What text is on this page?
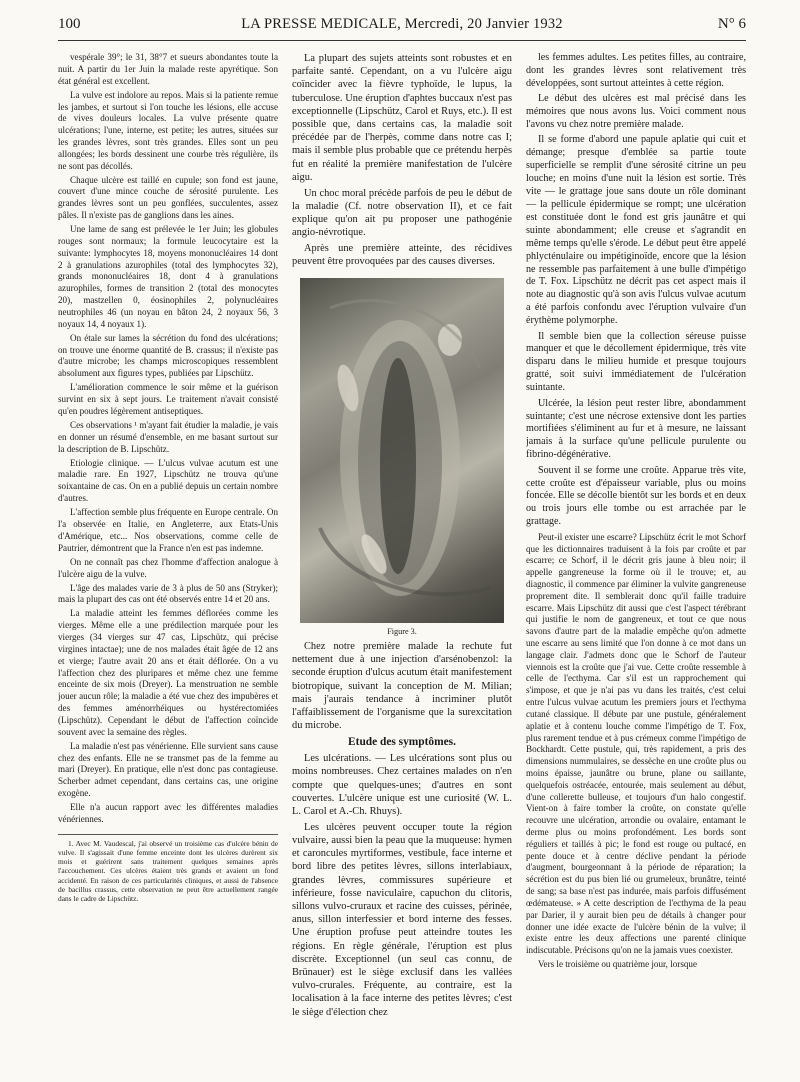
100	LA PRESSE MEDICALE, Mercredi, 20 Janvier 1932	N° 6

vespérale 39°; le 31, 38°7 et sueurs abondantes toute la nuit. A partir du 1er Juin la malade reste apyrétique. Son état général est excellent.

La vulve est indolore au repos. Mais si la patiente remue les jambes, et surtout si l'on touche les lésions, elle accuse de vives douleurs locales. La vulve présente quatre ulcérations; l'une, interne, est petite; les autres, situées sur les grandes lèvres, sont très grandes. Elles sont un peu allongées; les bords dessinent une courbe très régulière, ils ne sont pas décollés.

Chaque ulcère est taillé en cupule; son fond est jaune, couvert d'une mince couche de sérosité purulente. Les grandes lèvres sont un peu gonflées, succulentes, assez pâles. Il n'existe pas de ganglions dans les aines.

Une lame de sang est prélevée le 1er Juin; les globules rouges sont normaux; la formule leucocytaire est la suivante: lymphocytes 18, moyens mononucléaires 14 dont 2 à granulations azurophiles (total des lymphocytes 32), grands mononucléaires 18, dont 4 à granulations azurophiles, formes de transition 2 (total des monocytes 20), mastzellen 0, éosinophiles 2, polynucléaires neutrophiles 46 (un noyau en bâton 24, 2 noyaux 56, 3 noyaux 14, 4 noyaux 1).

On étale sur lames la sécrétion du fond des ulcérations; on trouve une énorme quantité de B. crassus; il n'existe pas d'autre microbe; les champs microscopiques ressemblent absolument aux figures types, publiées par Lipschütz.

L'amélioration commence le soir même et la guérison survint en six à sept jours. Le traitement n'avait consisté qu'en poudres légèrement antiseptiques.

Ces observations ¹ m'ayant fait étudier la maladie, je vais en donner un résumé d'ensemble, en me basant surtout sur la description de B. Lipschütz.

Etiologie clinique. — L'ulcus vulvae acutum est une maladie rare. En 1927, Lipschütz ne trouva qu'une soixantaine de cas. On en a publié depuis un certain nombre d'autres.

L'affection semble plus fréquente en Europe centrale. On l'a observée en Italie, en Angleterre, aux Etats-Unis d'Amérique, etc... Nos observations, comme celle de Pautrier, démontrent que la France n'en est pas indemne.

On ne connaît pas chez l'homme d'affection analogue à l'ulcère aigu de la vulve.

L'âge des malades varie de 3 à plus de 50 ans (Stryker); mais la plupart des cas ont été observés entre 14 et 20 ans.

La maladie atteint les femmes déflorées comme les vierges. Même elle a une prédilection marquée pour les vierges (34 vierges sur 47 cas, Lipschütz, qui précise virgines intactae); une de nos malades était âgée de 12 ans et vierge; l'autre avait 20 ans et était déflorée. On a vu l'affection chez des pluripares et même chez une femme enceinte de six mois (Dreyer). La menstruation ne semble jouer aucun rôle; la maladie a été vue chez des impubères et des femmes aménorrhéiques ou hystérectomiées (Lipschütz). Cependant le début de l'affection coïncide souvent avec la semaine des règles.

La maladie n'est pas vénérienne. Elle survient sans cause chez des enfants. Elle ne se transmet pas de la femme au mari (Dreyer). En pratique, elle n'est donc pas contagieuse. Scherber admet cependant, dans certains cas, une origine exogène.

Elle n'a aucun rapport avec les différentes maladies vénériennes.

1. Avec M. Vaudescal, j'ai observé un troisième cas d'ulcère bénin de vulve. Il s'agissait d'une femme enceinte dont les ulcères durèrent six mois et guérirent sans traitement quelques semaines après l'accouchement. Ces ulcères étaient très grands et avaient un fond accidenté. En raison de ces particularités cliniques, et aussi de l'absence de bacillus crassus, cette observation ne peut être actuellement rangée dans le cadre de Lipschütz.

La plupart des sujets atteints sont robustes et en parfaite santé. Cependant, on a vu l'ulcère aigu coïncider avec la fièvre typhoïde, le lupus, la tuberculose. Une éruption d'aphtes buccaux n'est pas exceptionnelle (Lipschütz, Carol et Ruys, etc.). Il est possible que, dans certains cas, la maladie soit précédée par de l'herpès, comme dans notre cas I; mais il semble plus probable que ce prétendu herpès fut en réalité la première manifestation de l'ulcère aigu.

Un choc moral précède parfois de peu le début de la maladie (Cf. notre observation II), et ce fait explique qu'on ait pu proposer une pathogénie angio-névrotique.

Après une première atteinte, des récidives peuvent être provoquées par des causes diverses.

Figure 3.

Chez notre première malade la rechute fut nettement due à une injection d'arsénobenzol: la seconde éruption d'ulcus acutum était manifestement biotropique, suivant la conception de M. Milian; mais j'aurais tendance à incriminer plutôt l'affaiblissement de l'organisme que la surexcitation du microbe.

Etude des symptômes.

Les ulcérations. — Les ulcérations sont plus ou moins nombreuses. Chez certaines malades on n'en compte que quelques-unes; d'autres en sont couvertes. L'ulcère unique est une curiosité (W. L. L. Carol et A.-Ch. Rhuys).

Les ulcères peuvent occuper toute la région vulvaire, aussi bien la peau que la muqueuse: hymen et caroncules myrtiformes, vestibule, face interne et bord libre des petites lèvres, sillons interlabiaux, grandes lèvres, commissures supérieure et inférieure, fosse naviculaire, capuchon du clitoris, sillons vulvo-cruraux et racine des cuisses, périnée, anus, sillon interfessier et bord interne des fesses. Une éruption profuse peut atteindre toutes les régions. En règle générale, l'éruption est plus discrète. Exceptionnel (un seul cas connu, de Brünauer) est le siège exclusif dans les vallées vulvo-crurales. Fréquente, au contraire, est la localisation à la face interne des petites lèvres; c'est le siège d'élection chez

les femmes adultes. Les petites filles, au contraire, dont les grandes lèvres sont relativement très développées, sont surtout atteintes à cette région.

Le début des ulcères est mal précisé dans les mémoires que nous avons lus. Voici comment nous l'avons vu chez notre première malade.

Il se forme d'abord une papule aplatie qui cuit et démange; presque d'emblée sa partie toute superficielle se remplit d'une sérosité citrine un peu louche; en moins d'une nuit la lésion est sortie. Très vite — le grattage joue sans doute un rôle dominant — la pellicule épidermique se rompt; une ulcération est constituée dont le fond est gris jaunâtre et qui suinte abondamment; elle creuse et s'agrandit en même temps qu'elle s'érode. Le début peut être appelé phlycténulaire ou impétiginoïde, encore que la lésion ne ressemble pas parfaitement à une bulle d'impétigo de T. Fox. Lipschütz ne décrit pas cet aspect mais il note au diagnostic qu'à son avis l'ulcus vulvae acutum a été parfois confondu avec l'éruption vulvaire d'un érythème polymorphe.

Il semble bien que la collection séreuse puisse manquer et que le décollement épidermique, très vite disparu dans le milieu humide et presque toujours gratté, soit suivi immédiatement de l'ulcération suintante.

Ulcérée, la lésion peut rester libre, abondamment suintante; c'est une nécrose extensive dont les parties mortifiées s'éliminent au fur et à mesure, ne laissant jamais à la surface qu'une pellicule purulente ou fibrino-dégénérative.

Souvent il se forme une croûte. Apparue très vite, cette croûte est d'épaisseur variable, plus ou moins foncée. Elle se décolle bientôt sur les bords et en deux ou trois jours elle tombe ou est arrachée par le grattage.

Peut-il exister une escarre? Lipschütz écrit le mot Schorf que les dictionnaires traduisent à la fois par croûte et par escarre; ce Schorf, il le décrit gris jaune à bleu noir; il appelle gangreneuse la forme où il le trouve; et, au diagnostic, il commence par éliminer la vulvite gangreneuse proprement dite. Il semblerait donc qu'il faille traduire escarre. Mais Lipschütz dit aussi que c'est l'aspect térébrant qui justifie le nom de gangreneux, et tout ce que nous savons d'autre part de la maladie empêche qu'on admette une escarre au sens limité que l'on donne à ce mot dans un langage clair. J'admets donc que le Schorf de l'auteur viennois est la croûte que j'ai vue. Cette croûte ressemble à celle de l'ecthyma. Car s'il est un rapprochement qui s'impose, et que je n'ai pas vu dans les traités, c'est celui entre l'ulcus vulvae acutum les premiers jours et l'ecthyma cutané classique. Il débute par une pustule, généralement aplatie et à contenu louche comme l'impétigo de T. Fox, plus rarement tendue et à pus crémeux comme l'impétigo de Bockhardt. Cette pustule, qui, très rapidement, a pris des dimensions nummulaires, se dessèche en une croûte plus ou moins épaisse, jaunâtre ou brune, plane ou saillante, quelquefois ostréacée, entourée, mais seulement au début, d'une collerette bulleuse, et toujours d'un halo congestif. Vient-on à faire tomber la croûte, on constate qu'elle recouvre une ulcération, arrondie ou ovalaire, entamant le derme plus ou moins profondément. Les bords sont réguliers et taillés à pic; le fond est rouge ou pultacé, en pente douce et à centre déclive pendant la période d'augment, bourgeonnant à la période de réparation; la sécrétion est du pus bien lié ou grumeleux, brunâtre, teinté de sang; sa base n'est pas indurée, mais parfois diffusément œdémateuse. » A cette description de l'ecthyma de la peau par Darier, il y aurait bien peu de détails à changer pour donner une idée exacte de l'ulcère bénin de la vulve; il existe entre les deux affections une parenté clinique indiscutable. Précisons qu'on ne la jamais vues coexister.

Vers le troisième ou quatrième jour, lorsque
